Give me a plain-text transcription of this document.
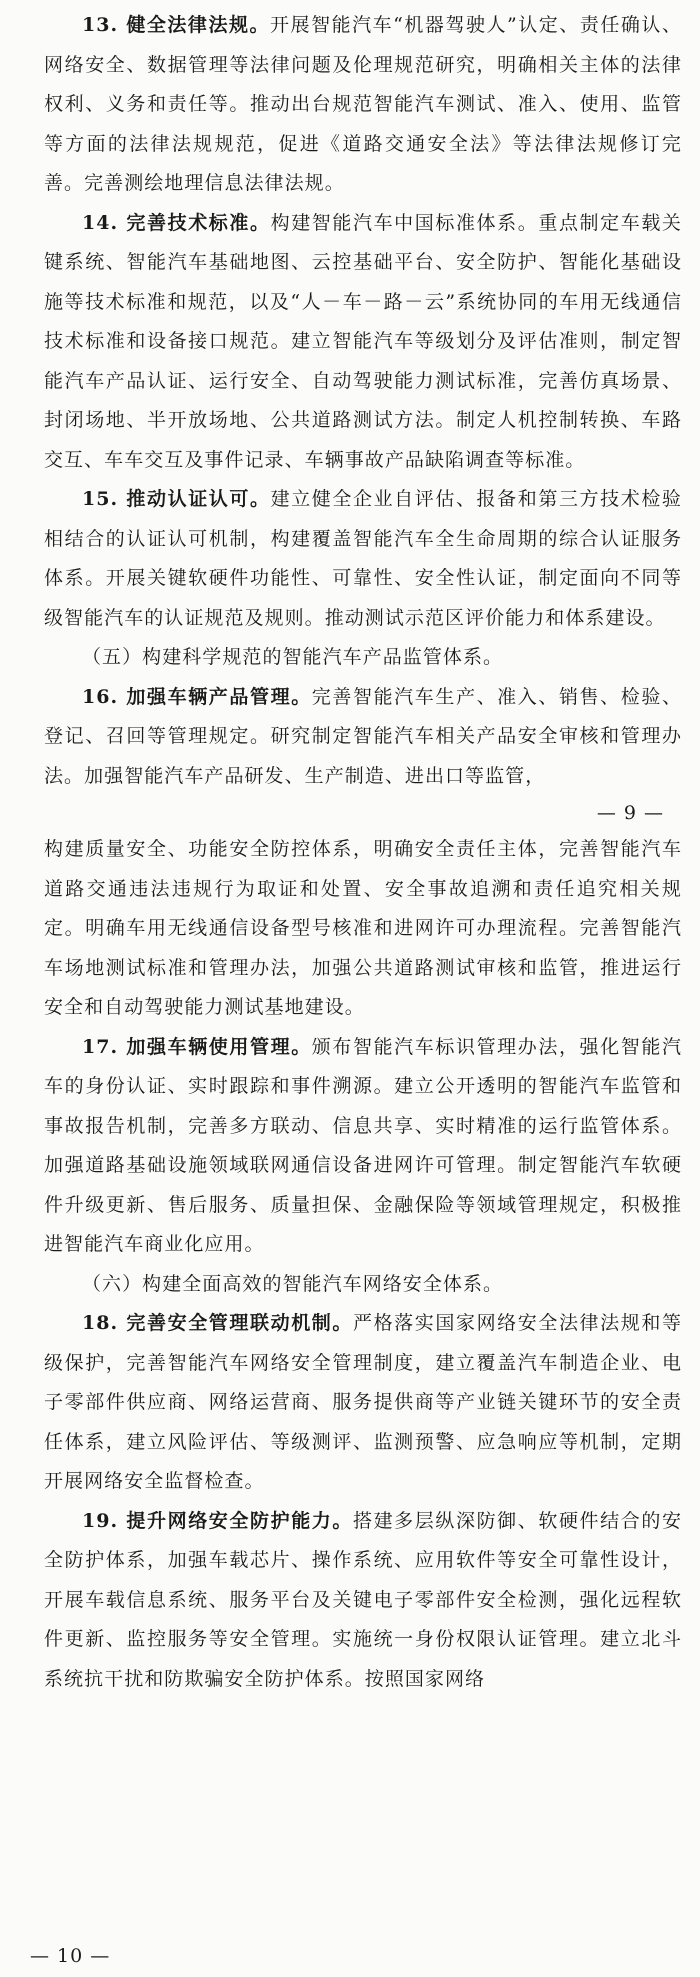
13. 健全法律法规。开展智能汽车“机器驾驶人”认定、责任确认、网络安全、数据管理等法律问题及伦理规范研究，明确相关主体的法律权利、义务和责任等。推动出台规范智能汽车测试、准入、使用、监管等方面的法律法规规范，促进《道路交通安全法》等法律法规修订完善。完善测绘地理信息法律法规。

14. 完善技术标准。构建智能汽车中国标准体系。重点制定车载关键系统、智能汽车基础地图、云控基础平台、安全防护、智能化基础设施等技术标准和规范，以及“人－车－路－云”系统协同的车用无线通信技术标准和设备接口规范。建立智能汽车等级划分及评估准则，制定智能汽车产品认证、运行安全、自动驾驶能力测试标准，完善仿真场景、封闭场地、半开放场地、公共道路测试方法。制定人机控制转换、车路交互、车车交互及事件记录、车辆事故产品缺陷调查等标准。

15. 推动认证认可。建立健全企业自评估、报备和第三方技术检验相结合的认证认可机制，构建覆盖智能汽车全生命周期的综合认证服务体系。开展关键软硬件功能性、可靠性、安全性认证，制定面向不同等级智能汽车的认证规范及规则。推动测试示范区评价能力和体系建设。

（五）构建科学规范的智能汽车产品监管体系。

16. 加强车辆产品管理。完善智能汽车生产、准入、销售、检验、登记、召回等管理规定。研究制定智能汽车相关产品安全审核和管理办法。加强智能汽车产品研发、生产制造、进出口等监管，

— 9 —

构建质量安全、功能安全防控体系，明确安全责任主体，完善智能汽车道路交通违法违规行为取证和处置、安全事故追溯和责任追究相关规定。明确车用无线通信设备型号核准和进网许可办理流程。完善智能汽车场地测试标准和管理办法，加强公共道路测试审核和监管，推进运行安全和自动驾驶能力测试基地建设。

17. 加强车辆使用管理。颁布智能汽车标识管理办法，强化智能汽车的身份认证、实时跟踪和事件溯源。建立公开透明的智能汽车监管和事故报告机制，完善多方联动、信息共享、实时精准的运行监管体系。加强道路基础设施领域联网通信设备进网许可管理。制定智能汽车软硬件升级更新、售后服务、质量担保、金融保险等领域管理规定，积极推进智能汽车商业化应用。

（六）构建全面高效的智能汽车网络安全体系。

18. 完善安全管理联动机制。严格落实国家网络安全法律法规和等级保护，完善智能汽车网络安全管理制度，建立覆盖汽车制造企业、电子零部件供应商、网络运营商、服务提供商等产业链关键环节的安全责任体系，建立风险评估、等级测评、监测预警、应急响应等机制，定期开展网络安全监督检查。

19. 提升网络安全防护能力。搭建多层纵深防御、软硬件结合的安全防护体系，加强车载芯片、操作系统、应用软件等安全可靠性设计，开展车载信息系统、服务平台及关键电子零部件安全检测，强化远程软件更新、监控服务等安全管理。实施统一身份权限认证管理。建立北斗系统抗干扰和防欺骗安全防护体系。按照国家网络

— 10 —
